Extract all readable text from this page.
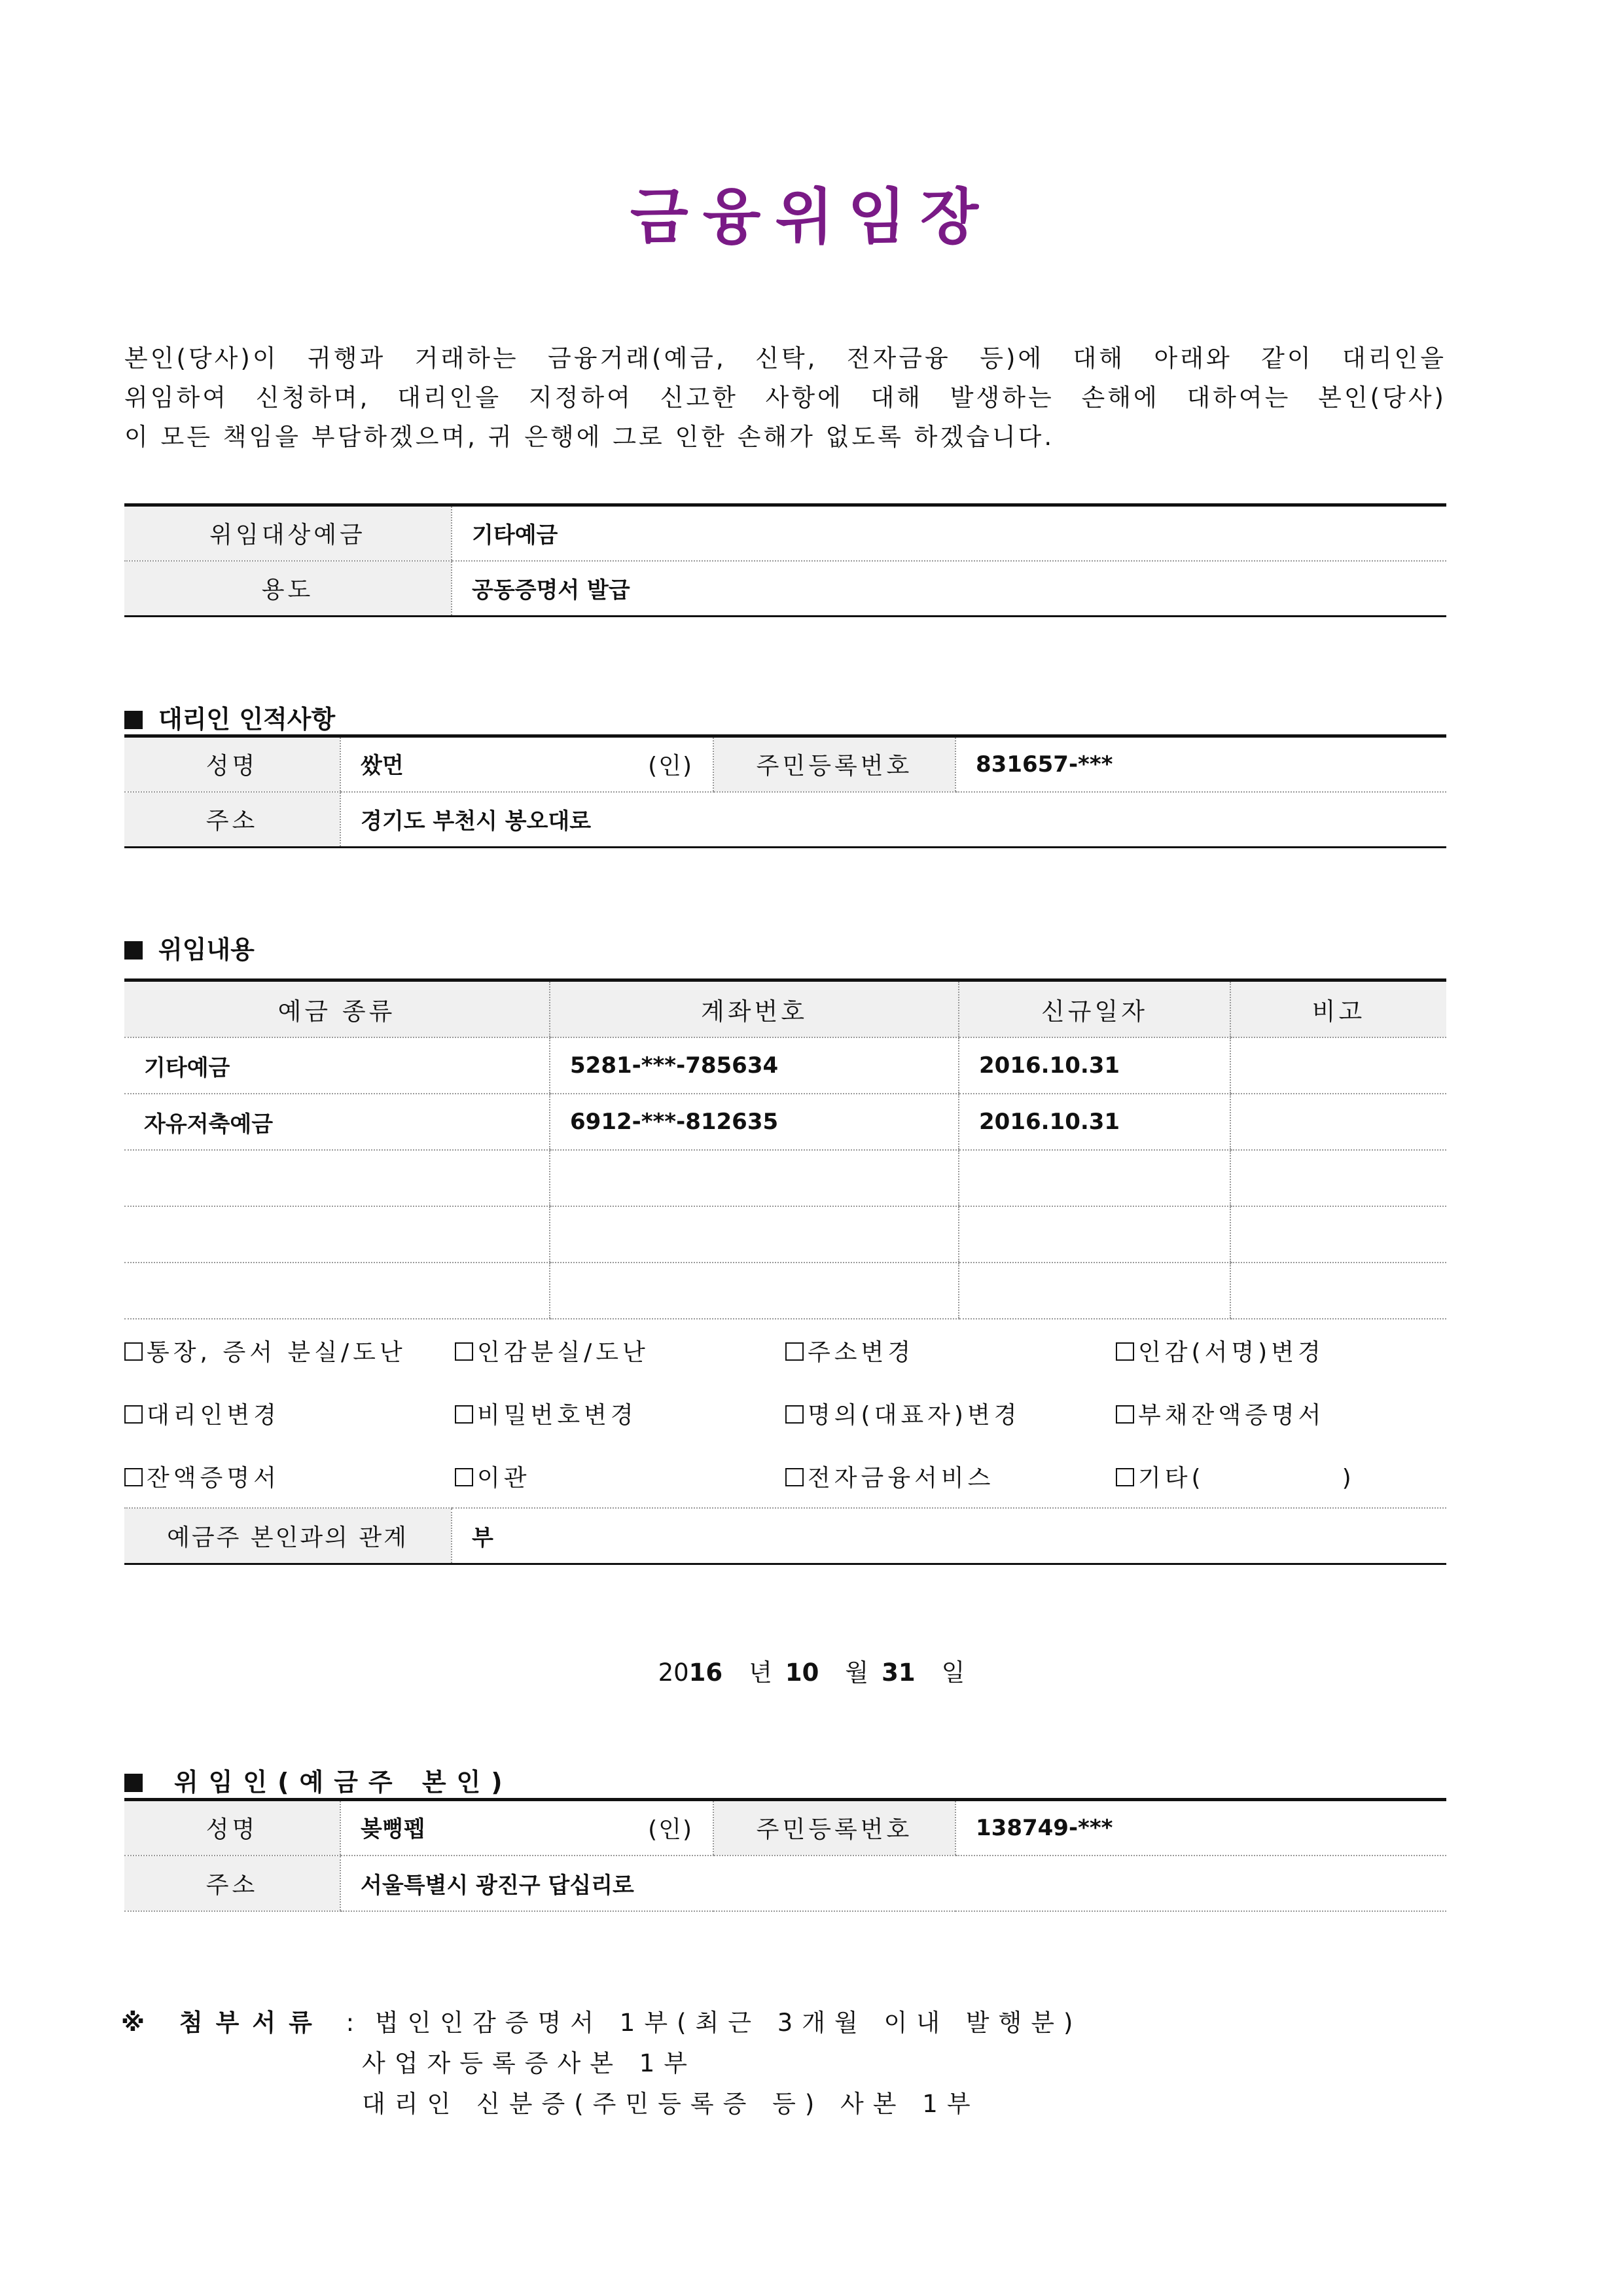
금융위임장

본인(당사)이 귀행과 거래하는 금융거래(예금, 신탁, 전자금융 등)에 대해 아래와 같이 대리인을

위임하여 신청하며, 대리인을 지정하여 신고한 사항에 대해 발생하는 손해에 대하여는 본인(당사)

이 모든 책임을 부담하겠으며, 귀 은행에 그로 인한 손해가 없도록 하겠습니다.

위임대상예금	기타예금
용도	공동증명서 발급
대리인 인적사항
성명	쌌먼 (인)	주민등록번호	831657-***
주소	경기도 부천시 봉오대로		
위임내용
예금 종류	계좌번호	신규일자	비고
기타예금	5281-***-785634	2016.10.31	
자유저축예금	6912-***-812635	2016.10.31	

통장, 증서 분실/도난	인감분실/도난	주소변경	인감(서명)변경
대리인변경	비밀번호변경	명의(대표자)변경	부채잔액증명서
잔액증명서	이관	전자금융서비스	기타(	)
예금주 본인과의 관계	부
2016 년 10 월 31 일
위임인(예금주 본인)
성명	봊뻥펩 (인)	주민등록번호	138749-***
주소	서울특별시 광진구 답십리로		
※ 첨부서류 : 법인인감증명서 1부(최근 3개월 이내 발행분)
사업자등록증사본 1부
대리인 신분증(주민등록증 등) 사본 1부
